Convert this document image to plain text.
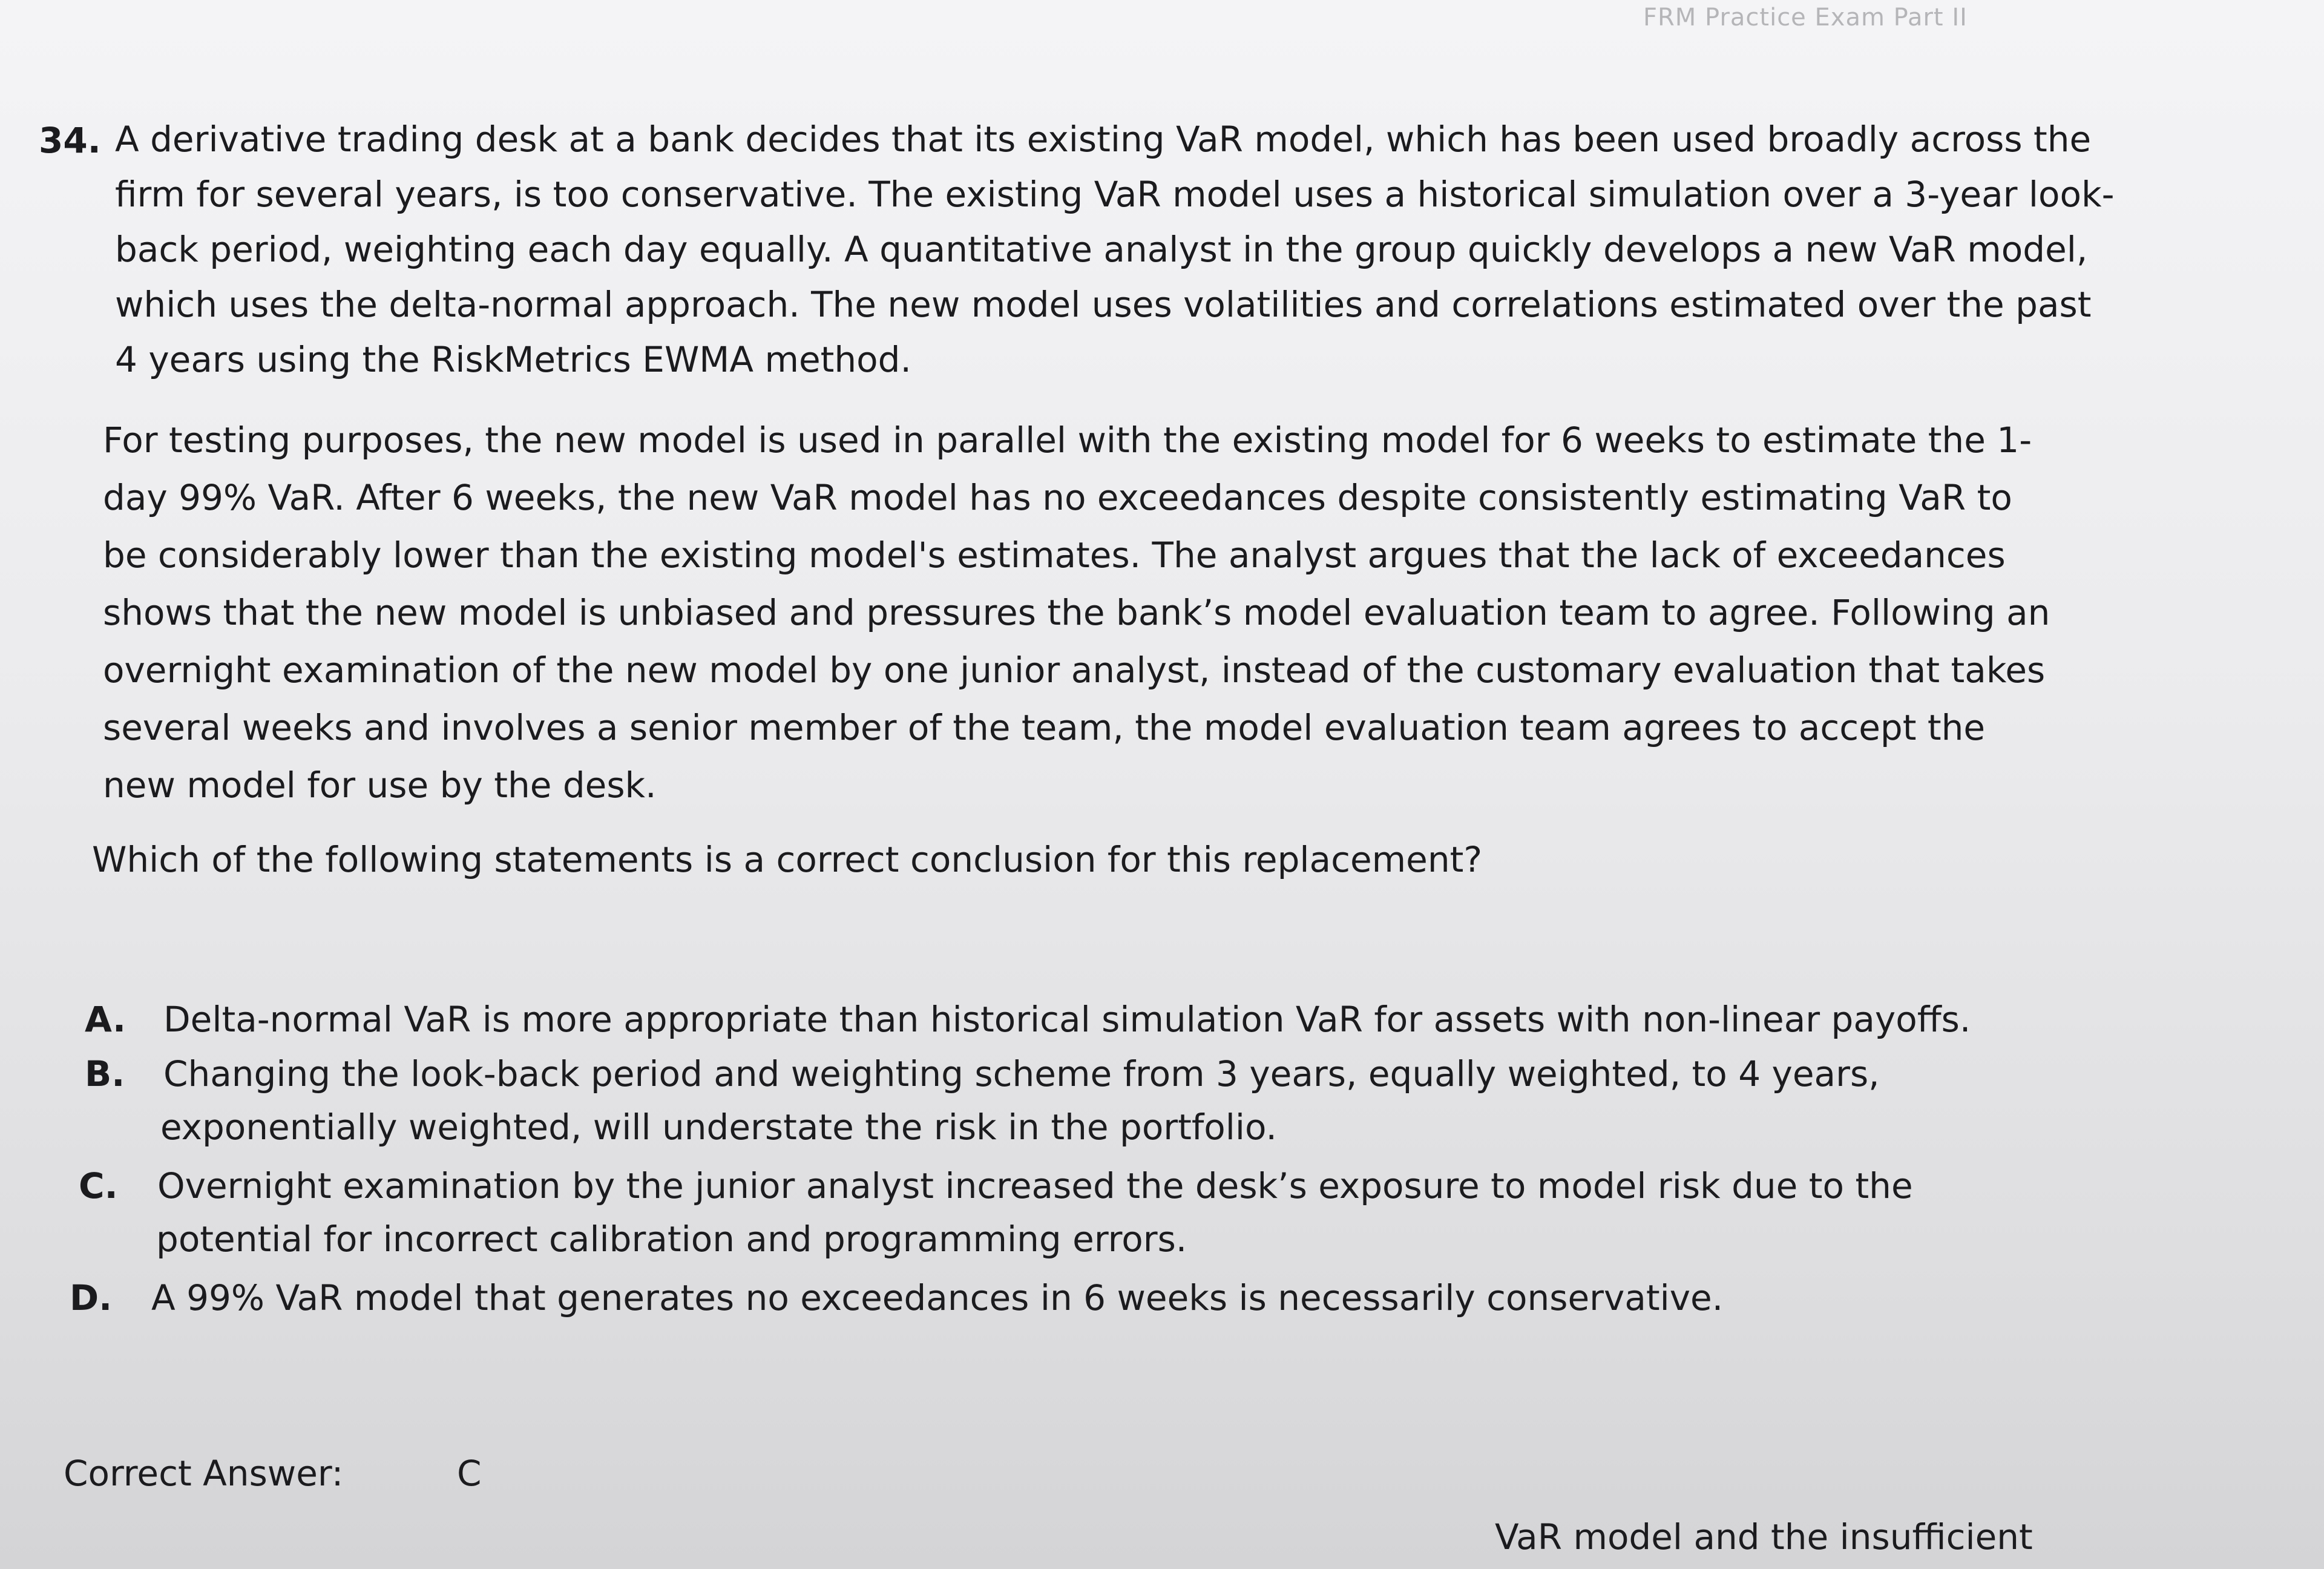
FRM Practice Exam Part II
34. A derivative trading desk at a bank decides that its existing VaR model, which has been used broadly across the
firm for several years, is too conservative. The existing VaR model uses a historical simulation over a 3-year look-
back period, weighting each day equally. A quantitative analyst in the group quickly develops a new VaR model,
which uses the delta-normal approach. The new model uses volatilities and correlations estimated over the past
4 years using the RiskMetrics EWMA method.
For testing purposes, the new model is used in parallel with the existing model for 6 weeks to estimate the 1-
day 99% VaR. After 6 weeks, the new VaR model has no exceedances despite consistently estimating VaR to
be considerably lower than the existing model's estimates. The analyst argues that the lack of exceedances
shows that the new model is unbiased and pressures the bank’s model evaluation team to agree. Following an
overnight examination of the new model by one junior analyst, instead of the customary evaluation that takes
several weeks and involves a senior member of the team, the model evaluation team agrees to accept the
new model for use by the desk.
Which of the following statements is a correct conclusion for this replacement?
A. Delta-normal VaR is more appropriate than historical simulation VaR for assets with non-linear payoffs.
B. Changing the look-back period and weighting scheme from 3 years, equally weighted, to 4 years,
exponentially weighted, will understate the risk in the portfolio.
C. Overnight examination by the junior analyst increased the desk’s exposure to model risk due to the
potential for incorrect calibration and programming errors.
D. A 99% VaR model that generates no exceedances in 6 weeks is necessarily conservative.
Correct Answer:	C
VaR model and the insufficient
